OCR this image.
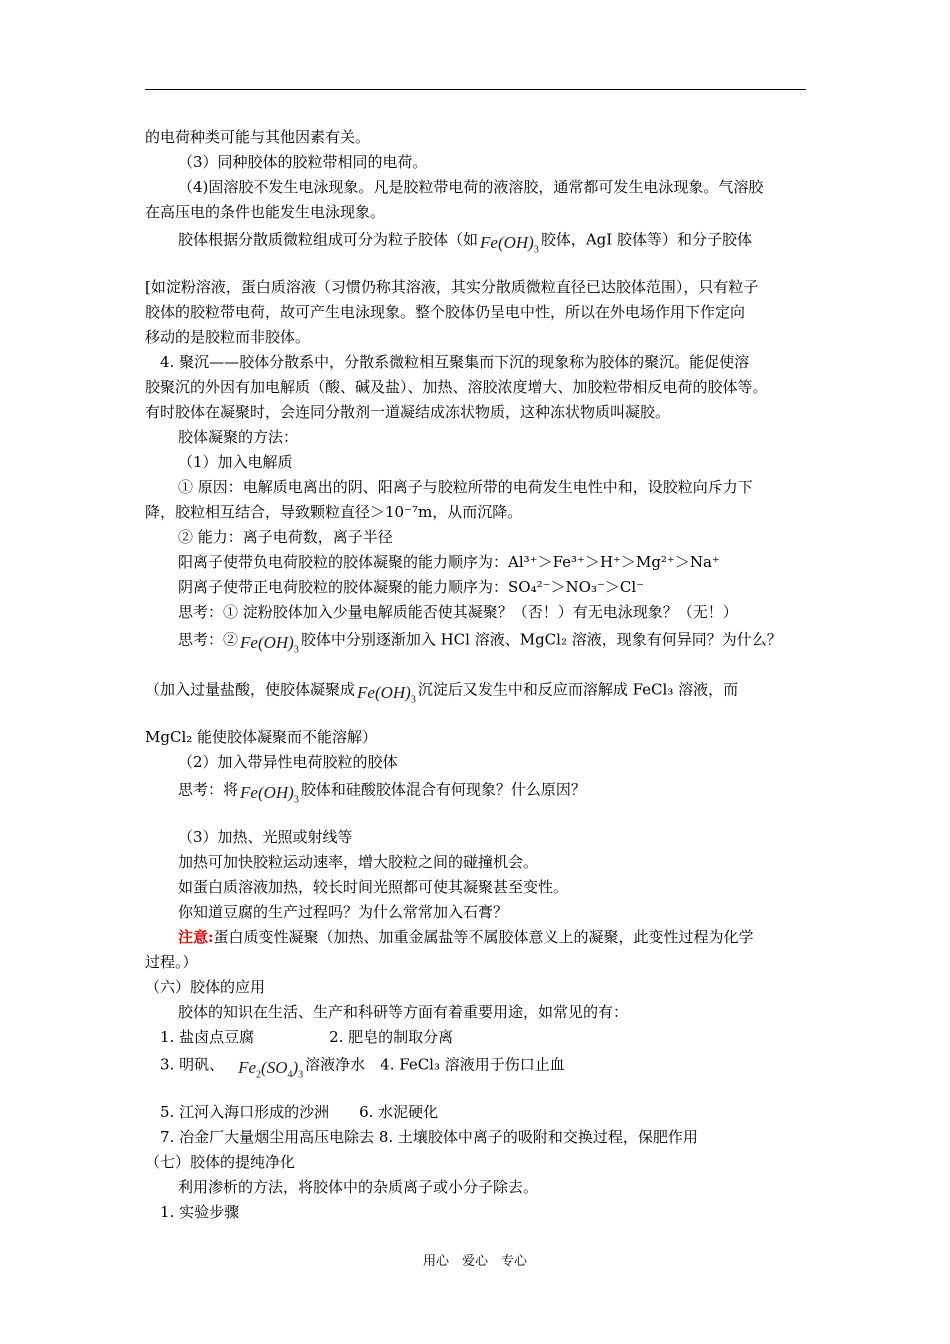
的电荷种类可能与其他因素有关。
（3）同种胶体的胶粒带相同的电荷。
（4)固溶胶不发生电泳现象。凡是胶粒带电荷的液溶胶，通常都可发生电泳现象。气溶胶
在高压电的条件也能发生电泳现象。
胶体根据分散质微粒组成可分为粒子胶体（如 $Fe(OH)_3$胶体，AgI 胶体等）和分子胶体
[如淀粉溶液，蛋白质溶液（习惯仍称其溶液，其实分散质微粒直径已达胶体范围），只有粒子
胶体的胶粒带电荷，故可产生电泳现象。整个胶体仍呈电中性，所以在外电场作用下作定向
移动的是胶粒而非胶体。
4. 聚沉——胶体分散系中，分散系微粒相互聚集而下沉的现象称为胶体的聚沉。能促使溶
胶聚沉的外因有加电解质（酸、碱及盐）、加热、溶胶浓度增大、加胶粒带相反电荷的胶体等。
有时胶体在凝聚时，会连同分散剂一道凝结成冻状物质，这种冻状物质叫凝胶。
胶体凝聚的方法：
（1）加入电解质
① 原因：电解质电离出的阴、阳离子与胶粒所带的电荷发生电性中和，设胶粒向斥力下
降，胶粒相互结合，导致颗粒直径＞10⁻⁷m，从而沉降。
② 能力：离子电荷数，离子半径
阳离子使带负电荷胶粒的胶体凝聚的能力顺序为：Al³⁺＞Fe³⁺＞H⁺＞Mg²⁺＞Na⁺
阴离子使带正电荷胶粒的胶体凝聚的能力顺序为：SO₄²⁻＞NO₃⁻＞Cl⁻
思考：① 淀粉胶体加入少量电解质能否使其凝聚？（否！）有无电泳现象？（无！）
思考：② $Fe(OH)_3$胶体中分别逐渐加入 HCl 溶液、MgCl₂ 溶液，现象有何异同？为什么？
（加入过量盐酸，使胶体凝聚成 $Fe(OH)_3$沉淀后又发生中和反应而溶解成 FeCl₃ 溶液，而
MgCl₂ 能使胶体凝聚而不能溶解）
（2）加入带异性电荷胶粒的胶体
思考：将 $Fe(OH)_3$胶体和硅酸胶体混合有何现象？什么原因？
（3）加热、光照或射线等
加热可加快胶粒运动速率，增大胶粒之间的碰撞机会。
如蛋白质溶液加热，较长时间光照都可使其凝聚甚至变性。
你知道豆腐的生产过程吗？为什么常常加入石膏？
注意:蛋白质变性凝聚（加热、加重金属盐等不属胶体意义上的凝聚，此变性过程为化学
过程。）
（六）胶体的应用
胶体的知识在生活、生产和科研等方面有着重要用途，如常见的有：
1. 盐卤点豆腐　　　　　2. 肥皂的制取分离
3. 明矾、 $Fe_2(SO_4)_3$溶液净水　4. FeCl₃ 溶液用于伤口止血
5. 江河入海口形成的沙洲　　6. 水泥硬化
7. 冶金厂大量烟尘用高压电除去 8. 土壤胶体中离子的吸附和交换过程，保肥作用
（七）胶体的提纯净化
利用渗析的方法，将胶体中的杂质离子或小分子除去。
1. 实验步骤
用心　爱心　专心
